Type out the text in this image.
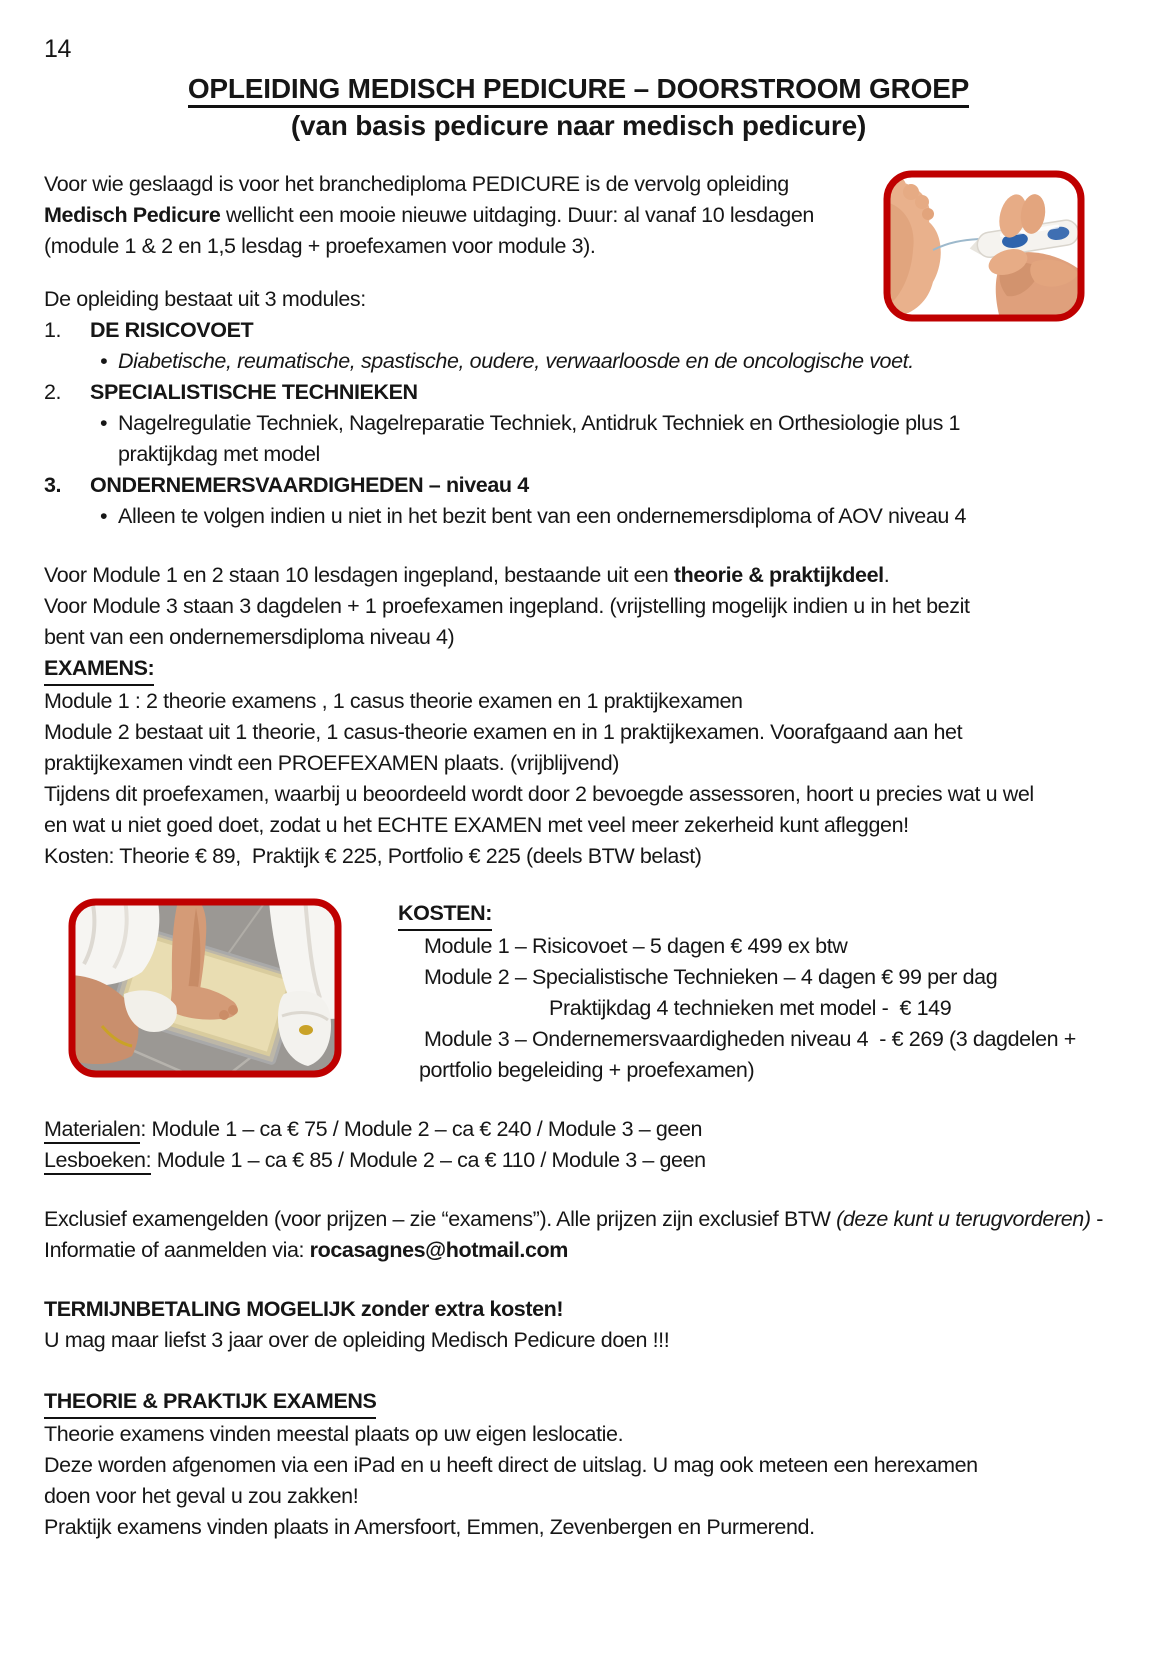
14
OPLEIDING MEDISCH PEDICURE – DOORSTROOM GROEP
(van basis pedicure naar medisch pedicure)

Voor wie geslaagd is voor het branchediploma PEDICURE is de vervolg opleiding Medisch Pedicure wellicht een mooie nieuwe uitdaging. Duur: al vanaf 10 lesdagen (module 1 & 2 en 1,5 lesdag + proefexamen voor module 3).

De opleiding bestaat uit 3 modules:

1.	DE RISICOVOET
• Diabetische, reumatische, spastische, oudere, verwaarloosde en de oncologische voet.
2.	SPECIALISTISCHE TECHNIEKEN
• Nagelregulatie Techniek, Nagelreparatie Techniek, Antidruk Techniek en Orthesiologie plus 1 praktijkdag met model
3.	ONDERNEMERSVAARDIGHEDEN – niveau 4
• Alleen te volgen indien u niet in het bezit bent van een ondernemersdiploma of AOV niveau 4

Voor Module 1 en 2 staan 10 lesdagen ingepland, bestaande uit een theorie & praktijkdeel.

Voor Module 3 staan 3 dagdelen + 1 proefexamen ingepland. (vrijstelling mogelijk indien u in het bezit bent van een ondernemersdiploma niveau 4)

EXAMENS:

Module 1 : 2 theorie examens , 1 casus theorie examen en 1 praktijkexamen

Module 2 bestaat uit 1 theorie, 1 casus-theorie examen en in 1 praktijkexamen. Voorafgaand aan het praktijkexamen vindt een PROEFEXAMEN plaats. (vrijblijvend)

Tijdens dit proefexamen, waarbij u beoordeeld wordt door 2 bevoegde assessoren, hoort u precies wat u wel en wat u niet goed doet, zodat u het ECHTE EXAMEN met veel meer zekerheid kunt afleggen!

Kosten: Theorie € 89,  Praktijk € 225, Portfolio € 225 (deels BTW belast)

KOSTEN:

Module 1 – Risicovoet – 5 dagen € 499 ex btw

Module 2 – Specialistische Technieken – 4 dagen € 99 per dag

Praktijkdag 4 technieken met model -  € 149

Module 3 – Ondernemersvaardigheden niveau 4  - € 269 (3 dagdelen +

portfolio begeleiding + proefexamen)

Materialen: Module 1 – ca € 75 / Module 2 – ca € 240 / Module 3 – geen

Lesboeken: Module 1 – ca € 85 / Module 2 – ca € 110 / Module 3 – geen

Exclusief examengelden (voor prijzen – zie “examens”). Alle prijzen zijn exclusief BTW (deze kunt u terugvorderen) - Informatie of aanmelden via: rocasagnes@hotmail.com

TERMIJNBETALING MOGELIJK zonder extra kosten!

U mag maar liefst 3 jaar over de opleiding Medisch Pedicure doen !!!

THEORIE & PRAKTIJK EXAMENS

Theorie examens vinden meestal plaats op uw eigen leslocatie.

Deze worden afgenomen via een iPad en u heeft direct de uitslag. U mag ook meteen een herexamen doen voor het geval u zou zakken!

Praktijk examens vinden plaats in Amersfoort, Emmen, Zevenbergen en Purmerend.
